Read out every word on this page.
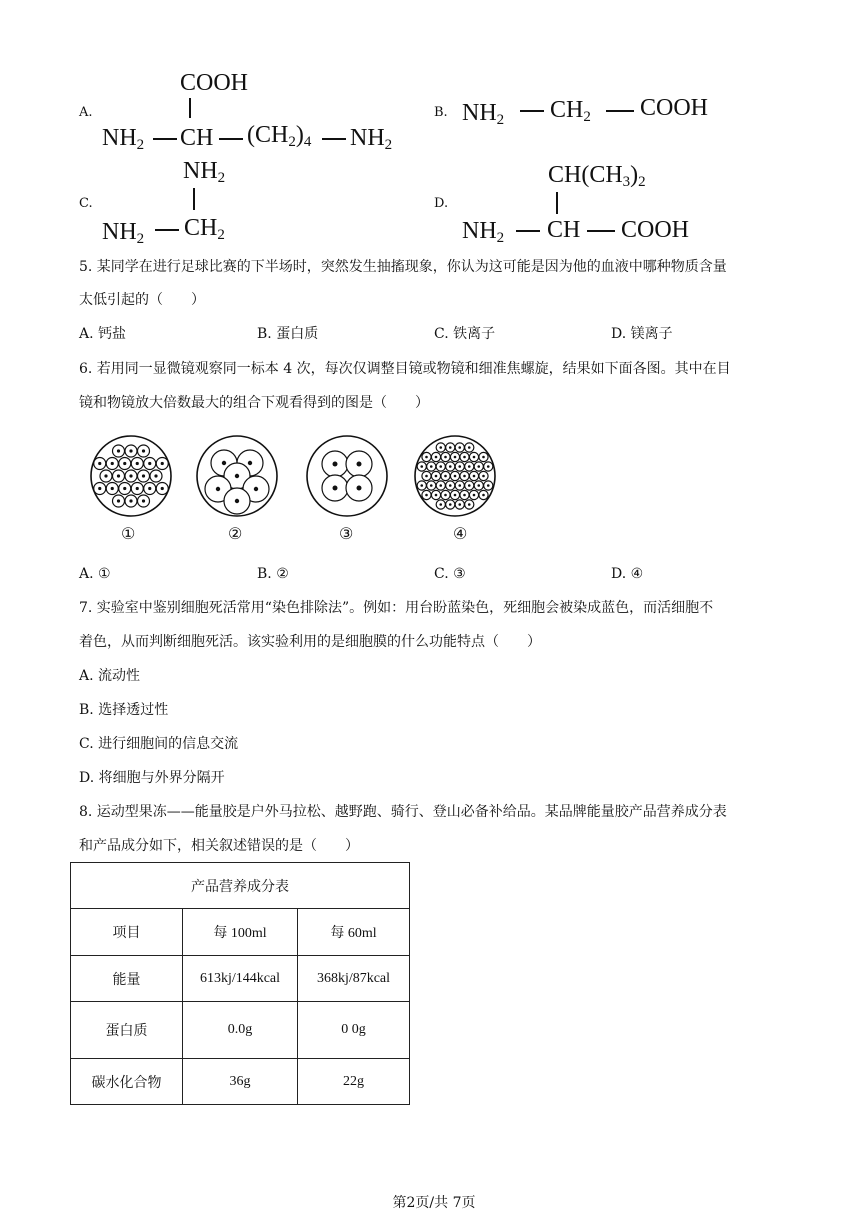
A.
COOH
$NH_2$ CH $(CH_2)_4$ $NH_2$
B. $NH_2$ $CH_2$ COOH
C.
$NH_2$
$NH_2$ $CH_2$
D.
$CH(CH_3)_2$
$NH_2$ CH COOH
5. 某同学在进行足球比赛的下半场时，突然发生抽搐现象，你认为这可能是因为他的血液中哪种物质含量
太低引起的（　　）
A. 钙盐	B. 蛋白质	C. 铁离子	D. 镁离子
6. 若用同一显微镜观察同一标本 4 次，每次仅调整目镜或物镜和细准焦螺旋，结果如下面各图。其中在目
镜和物镜放大倍数最大的组合下观看得到的图是（　　）
①	②	③	④
A. ①	B. ②	C. ③	D. ④
7. 实验室中鉴别细胞死活常用“染色排除法”。例如：用台盼蓝染色，死细胞会被染成蓝色，而活细胞不
着色，从而判断细胞死活。该实验利用的是细胞膜的什么功能特点（　　）
A. 流动性
B. 选择透过性
C. 进行细胞间的信息交流
D. 将细胞与外界分隔开
8. 运动型果冻——能量胶是户外马拉松、越野跑、骑行、登山必备补给品。某品牌能量胶产品营养成分表
和产品成分如下，相关叙述错误的是（　　）
产品营养成分表		
项目	每 100ml	每 60ml
能量	613kj/144kcal	368kj/87kcal
蛋白质	0.0g	0 0g
碳水化合物	36g	22g
第2页/共 7页
